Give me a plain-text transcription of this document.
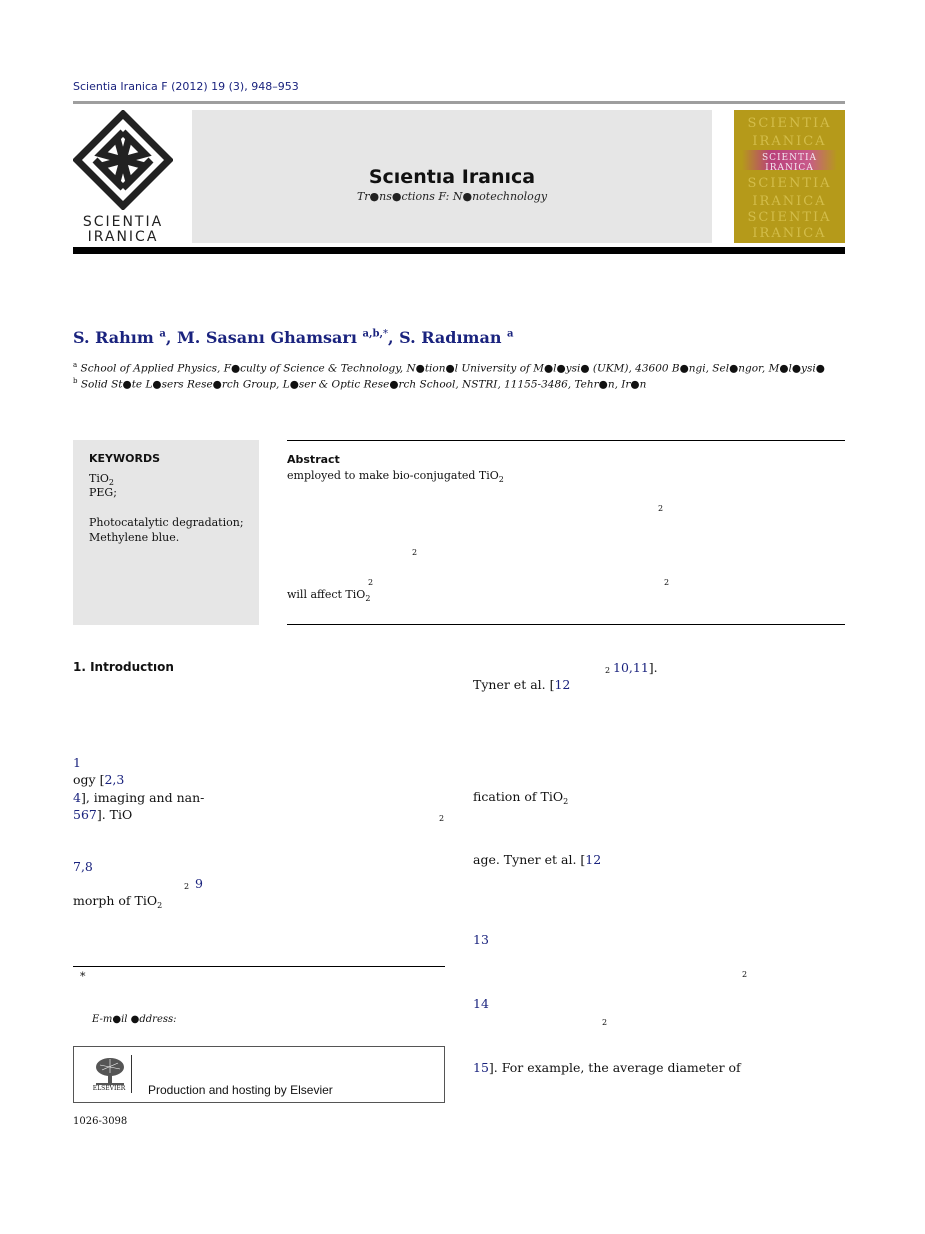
Scientia Iranica F (2012) 19 (3), 948–953
SCIENTIA
IRANICA
Scıentıa Iranıca
Tr●ns●ctions F: N●notechnology
SCIENTIA
IRANICA
SCIENTIA IRANICA
SCIENTIA
IRANICA
SCIENTIA
IRANICA
S. Rahım $^a$, M. Sasanı Ghamsarı $^{a,b,*}$, S. Radıman $^a$
$^a$ School of Applied Physics, F●culty of Science & Technology, N●tion●l University of M●l●ysi● (UKM), 43600 B●ngi, Sel●ngor, M●l●ysi●
$^b$ Solid St●te L●sers Rese●rch Group, L●ser & Optic Rese●rch School, NSTRI, 11155-3486, Tehr●n, Ir●n
KEYWORDS
TiO$_2$
PEG;
Photocatalytic degradation;
Methylene blue.
Abstract
employed to make bio-conjugated TiO$_2$
2
2
2	2
will affect TiO$_2$
1. Introductıon
1
ogy [2,3
4], imaging and nan-
567]. TiO	2
7,8
2 9
morph of TiO$_2$
2 10,11].
Tyner et al. [12
fication of TiO$_2$
age. Tyner et al. [12
13
2
14
2
15]. For example, the average diameter of
*
E-m●il ●ddress:
ELSEVIER	Production and hosting by Elsevier
1026-3098
